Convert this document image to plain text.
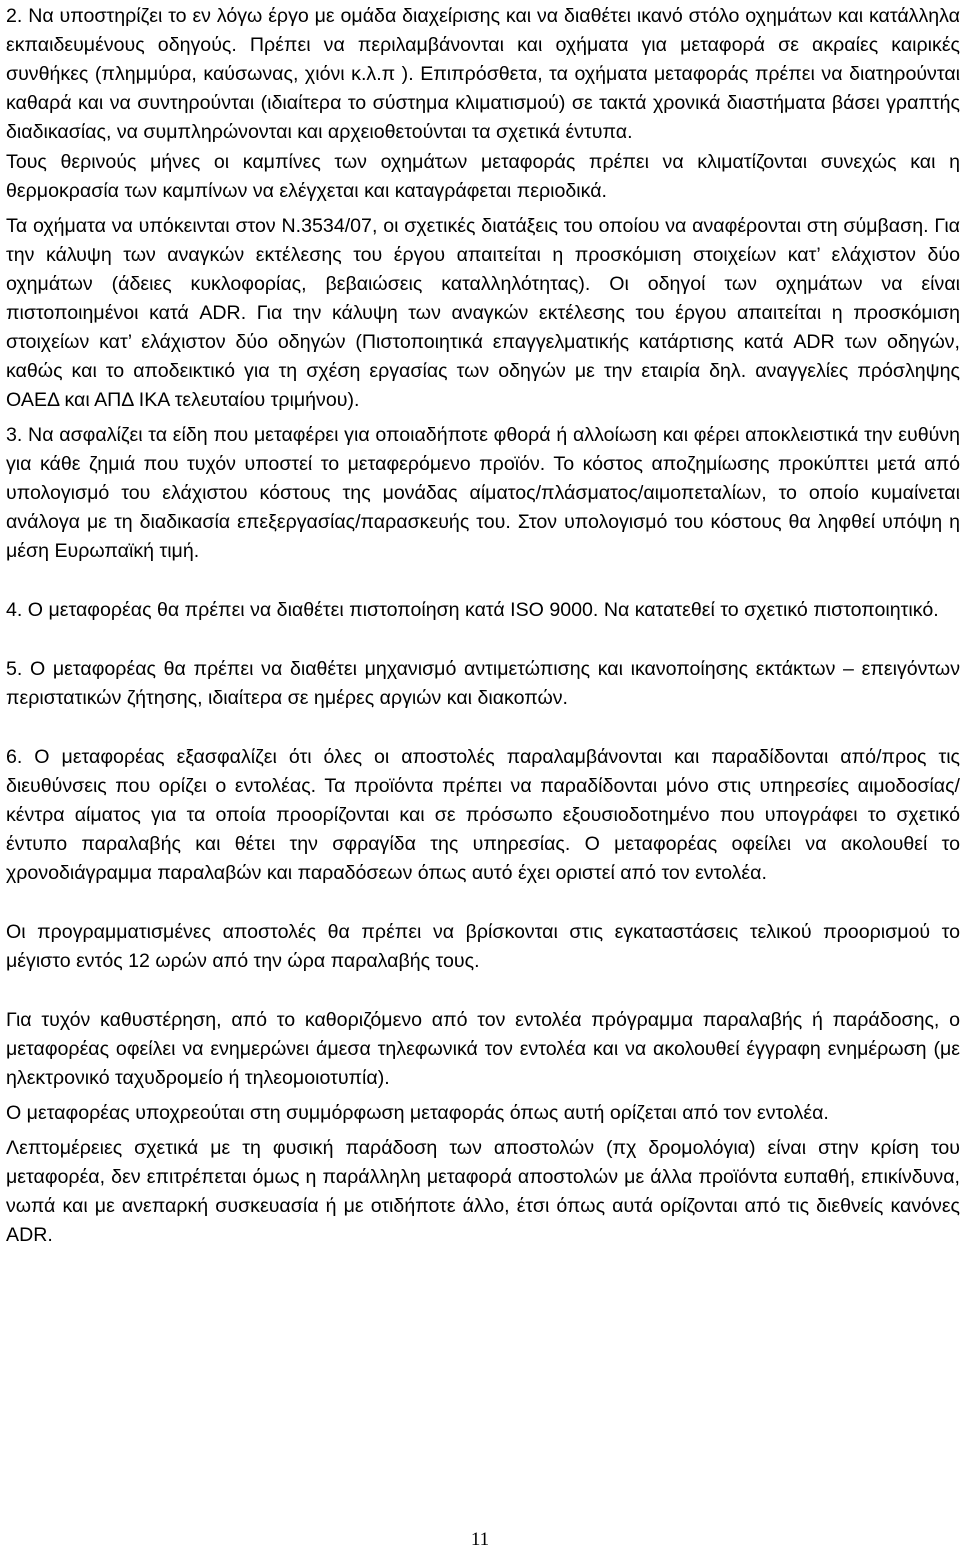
2. Να υποστηρίζει το εν λόγω έργο με ομάδα διαχείρισης και να διαθέτει ικανό στόλο οχημάτων και κατάλληλα εκπαιδευμένους οδηγούς. Πρέπει να περιλαμβάνονται και οχήματα για μεταφορά σε ακραίες καιρικές συνθήκες (πλημμύρα, καύσωνας, χιόνι κ.λ.π ). Επιπρόσθετα, τα οχήματα μεταφοράς πρέπει να διατηρούνται καθαρά και να συντηρούνται (ιδιαίτερα το σύστημα κλιματισμού) σε τακτά χρονικά διαστήματα βάσει γραπτής διαδικασίας, να συμπληρώνονται και αρχειοθετούνται τα σχετικά έντυπα.

Τους θερινούς μήνες οι καμπίνες των οχημάτων μεταφοράς πρέπει να κλιματίζονται συνεχώς και η θερμοκρασία των καμπίνων να ελέγχεται και καταγράφεται περιοδικά.

Τα οχήματα να υπόκεινται στον Ν.3534/07, οι σχετικές διατάξεις του οποίου να αναφέρονται στη σύμβαση. Για την κάλυψη των αναγκών εκτέλεσης του έργου απαιτείται η προσκόμιση στοιχείων κατ’ ελάχιστον δύο οχημάτων (άδειες κυκλοφορίας, βεβαιώσεις καταλληλότητας). Οι οδηγοί των οχημάτων να είναι πιστοποιημένοι κατά ADR. Για την κάλυψη των αναγκών εκτέλεσης του έργου απαιτείται η προσκόμιση στοιχείων κατ’ ελάχιστον δύο οδηγών (Πιστοποιητικά επαγγελματικής κατάρτισης κατά ADR των οδηγών, καθώς και το αποδεικτικό για τη σχέση εργασίας των οδηγών με την εταιρία δηλ. αναγγελίες πρόσληψης ΟΑΕΔ και ΑΠΔ ΙΚΑ τελευταίου τριμήνου).

3. Να ασφαλίζει τα είδη που μεταφέρει για οποιαδήποτε φθορά ή αλλοίωση και φέρει αποκλειστικά την ευθύνη για κάθε ζημιά που τυχόν υποστεί το μεταφερόμενο προϊόν. Το κόστος αποζημίωσης προκύπτει μετά από υπολογισμό του ελάχιστου κόστους της μονάδας αίματος/πλάσματος/αιμοπεταλίων, το οποίο κυμαίνεται ανάλογα με τη διαδικασία επεξεργασίας/παρασκευής του. Στον υπολογισμό του κόστους θα ληφθεί υπόψη η μέση Ευρωπαϊκή τιμή.

4. Ο μεταφορέας θα πρέπει να διαθέτει πιστοποίηση κατά ISO 9000. Να κατατεθεί το σχετικό πιστοποιητικό.

5. Ο μεταφορέας θα πρέπει να διαθέτει μηχανισμό αντιμετώπισης και ικανοποίησης εκτάκτων – επειγόντων περιστατικών ζήτησης, ιδιαίτερα σε ημέρες αργιών και διακοπών.

6. Ο μεταφορέας εξασφαλίζει ότι όλες οι αποστολές παραλαμβάνονται και παραδίδονται από/προς τις διευθύνσεις που ορίζει ο εντολέας. Τα προϊόντα πρέπει να παραδίδονται μόνο στις υπηρεσίες αιμοδοσίας/κέντρα αίματος για τα οποία προορίζονται και σε πρόσωπο εξουσιοδοτημένο που υπογράφει το σχετικό έντυπο παραλαβής και θέτει την σφραγίδα της υπηρεσίας. Ο μεταφορέας οφείλει να ακολουθεί το χρονοδιάγραμμα παραλαβών και παραδόσεων όπως αυτό έχει οριστεί από τον εντολέα.

Οι προγραμματισμένες αποστολές θα πρέπει να βρίσκονται στις εγκαταστάσεις τελικού προορισμού το μέγιστο εντός 12 ωρών από την ώρα παραλαβής τους.

Για τυχόν καθυστέρηση, από το καθοριζόμενο από τον εντολέα πρόγραμμα παραλαβής ή παράδοσης, ο μεταφορέας οφείλει να ενημερώνει άμεσα τηλεφωνικά τον εντολέα και να ακολουθεί έγγραφη ενημέρωση (με ηλεκτρονικό ταχυδρομείο ή τηλεομοιοτυπία).

Ο μεταφορέας υποχρεούται στη συμμόρφωση μεταφοράς όπως αυτή ορίζεται από τον εντολέα.

Λεπτομέρειες σχετικά με τη φυσική παράδοση των αποστολών (πχ δρομολόγια) είναι στην κρίση του μεταφορέα, δεν επιτρέπεται όμως η παράλληλη μεταφορά αποστολών με άλλα προϊόντα ευπαθή, επικίνδυνα, νωπά και με ανεπαρκή συσκευασία ή με οτιδήποτε άλλο, έτσι όπως αυτά ορίζονται από τις διεθνείς κανόνες ADR.

11
